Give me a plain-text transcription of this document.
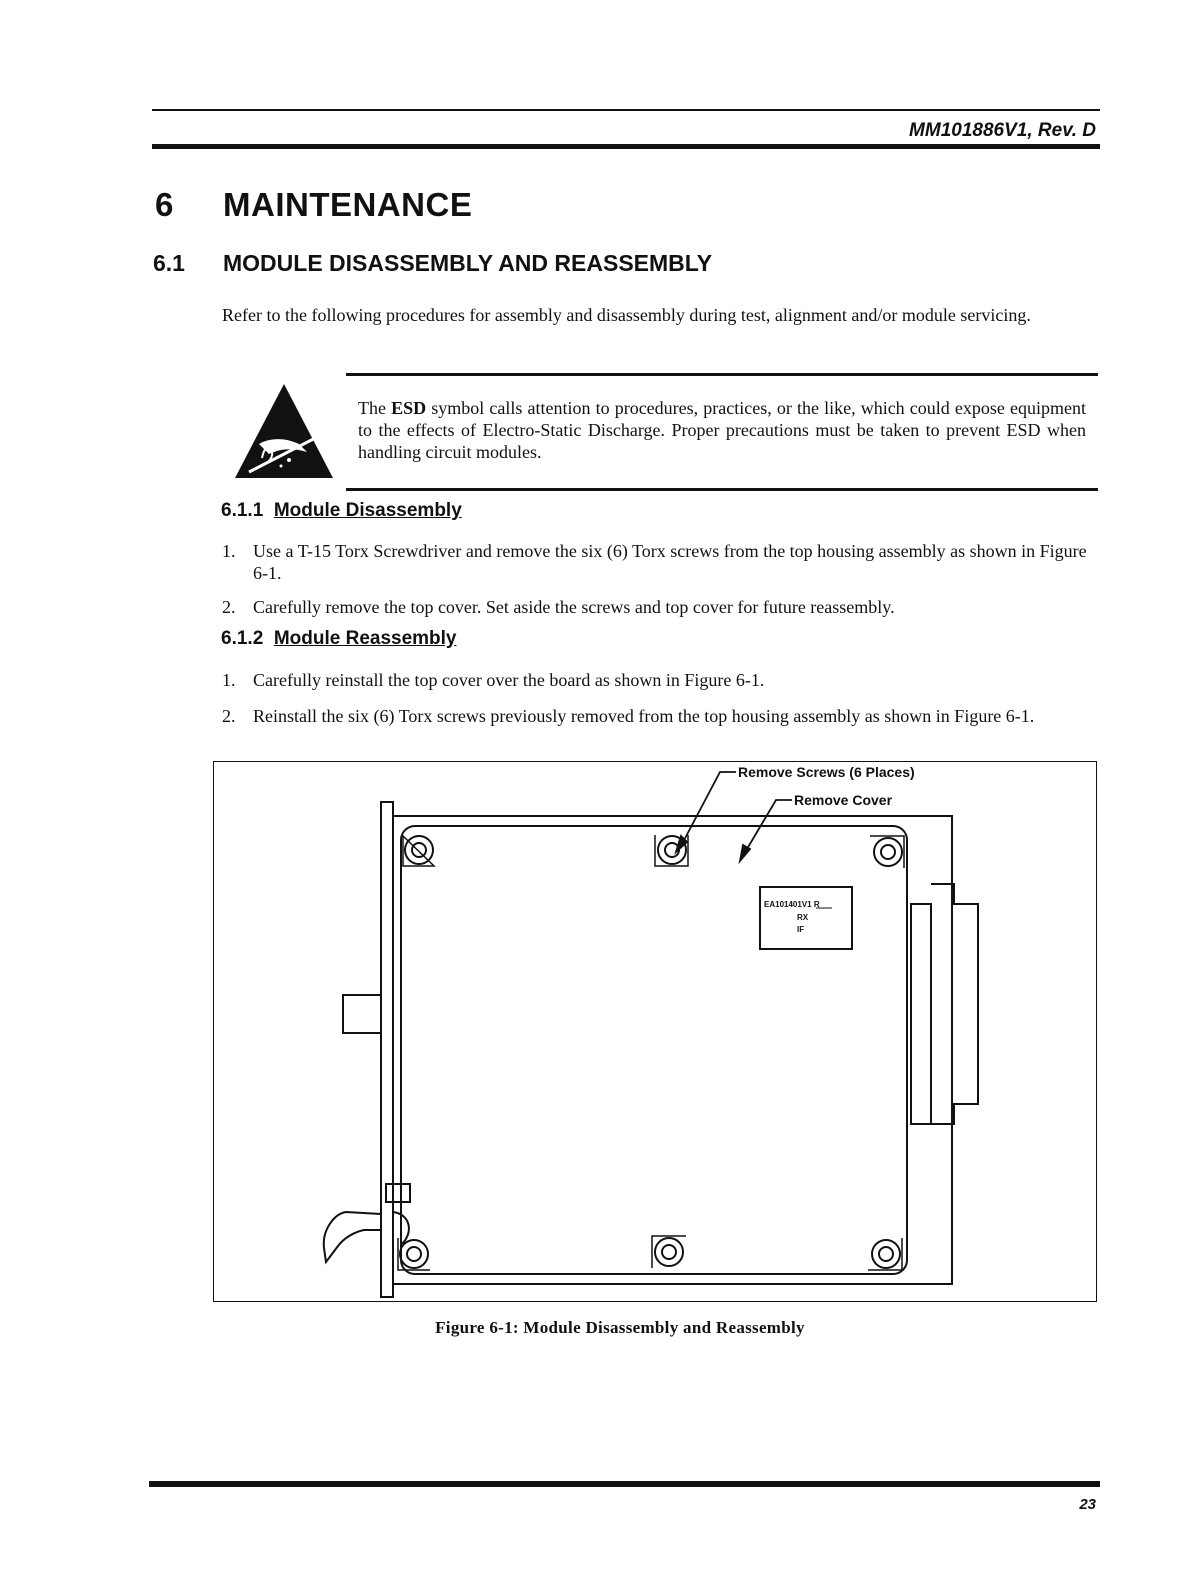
MM101886V1, Rev. D
6 MAINTENANCE
6.1 MODULE DISASSEMBLY AND REASSEMBLY
Refer to the following procedures for assembly and disassembly during test, alignment and/or module servicing.
The ESD symbol calls attention to procedures, practices, or the like, which could expose equipment to the effects of Electro-Static Discharge. Proper precautions must be taken to prevent ESD when handling circuit modules.
6.1.1 Module Disassembly
1. Use a T-15 Torx Screwdriver and remove the six (6) Torx screws from the top housing assembly as shown in Figure 6-1.
2. Carefully remove the top cover. Set aside the screws and top cover for future reassembly.
6.1.2 Module Reassembly
1. Carefully reinstall the top cover over the board as shown in Figure 6-1.
2. Reinstall the six (6) Torx screws previously removed from the top housing assembly as shown in Figure 6-1.
EA101401V1 R
RX
IF
Remove Screws (6 Places)
Remove Cover
Figure 6-1: Module Disassembly and Reassembly
23
